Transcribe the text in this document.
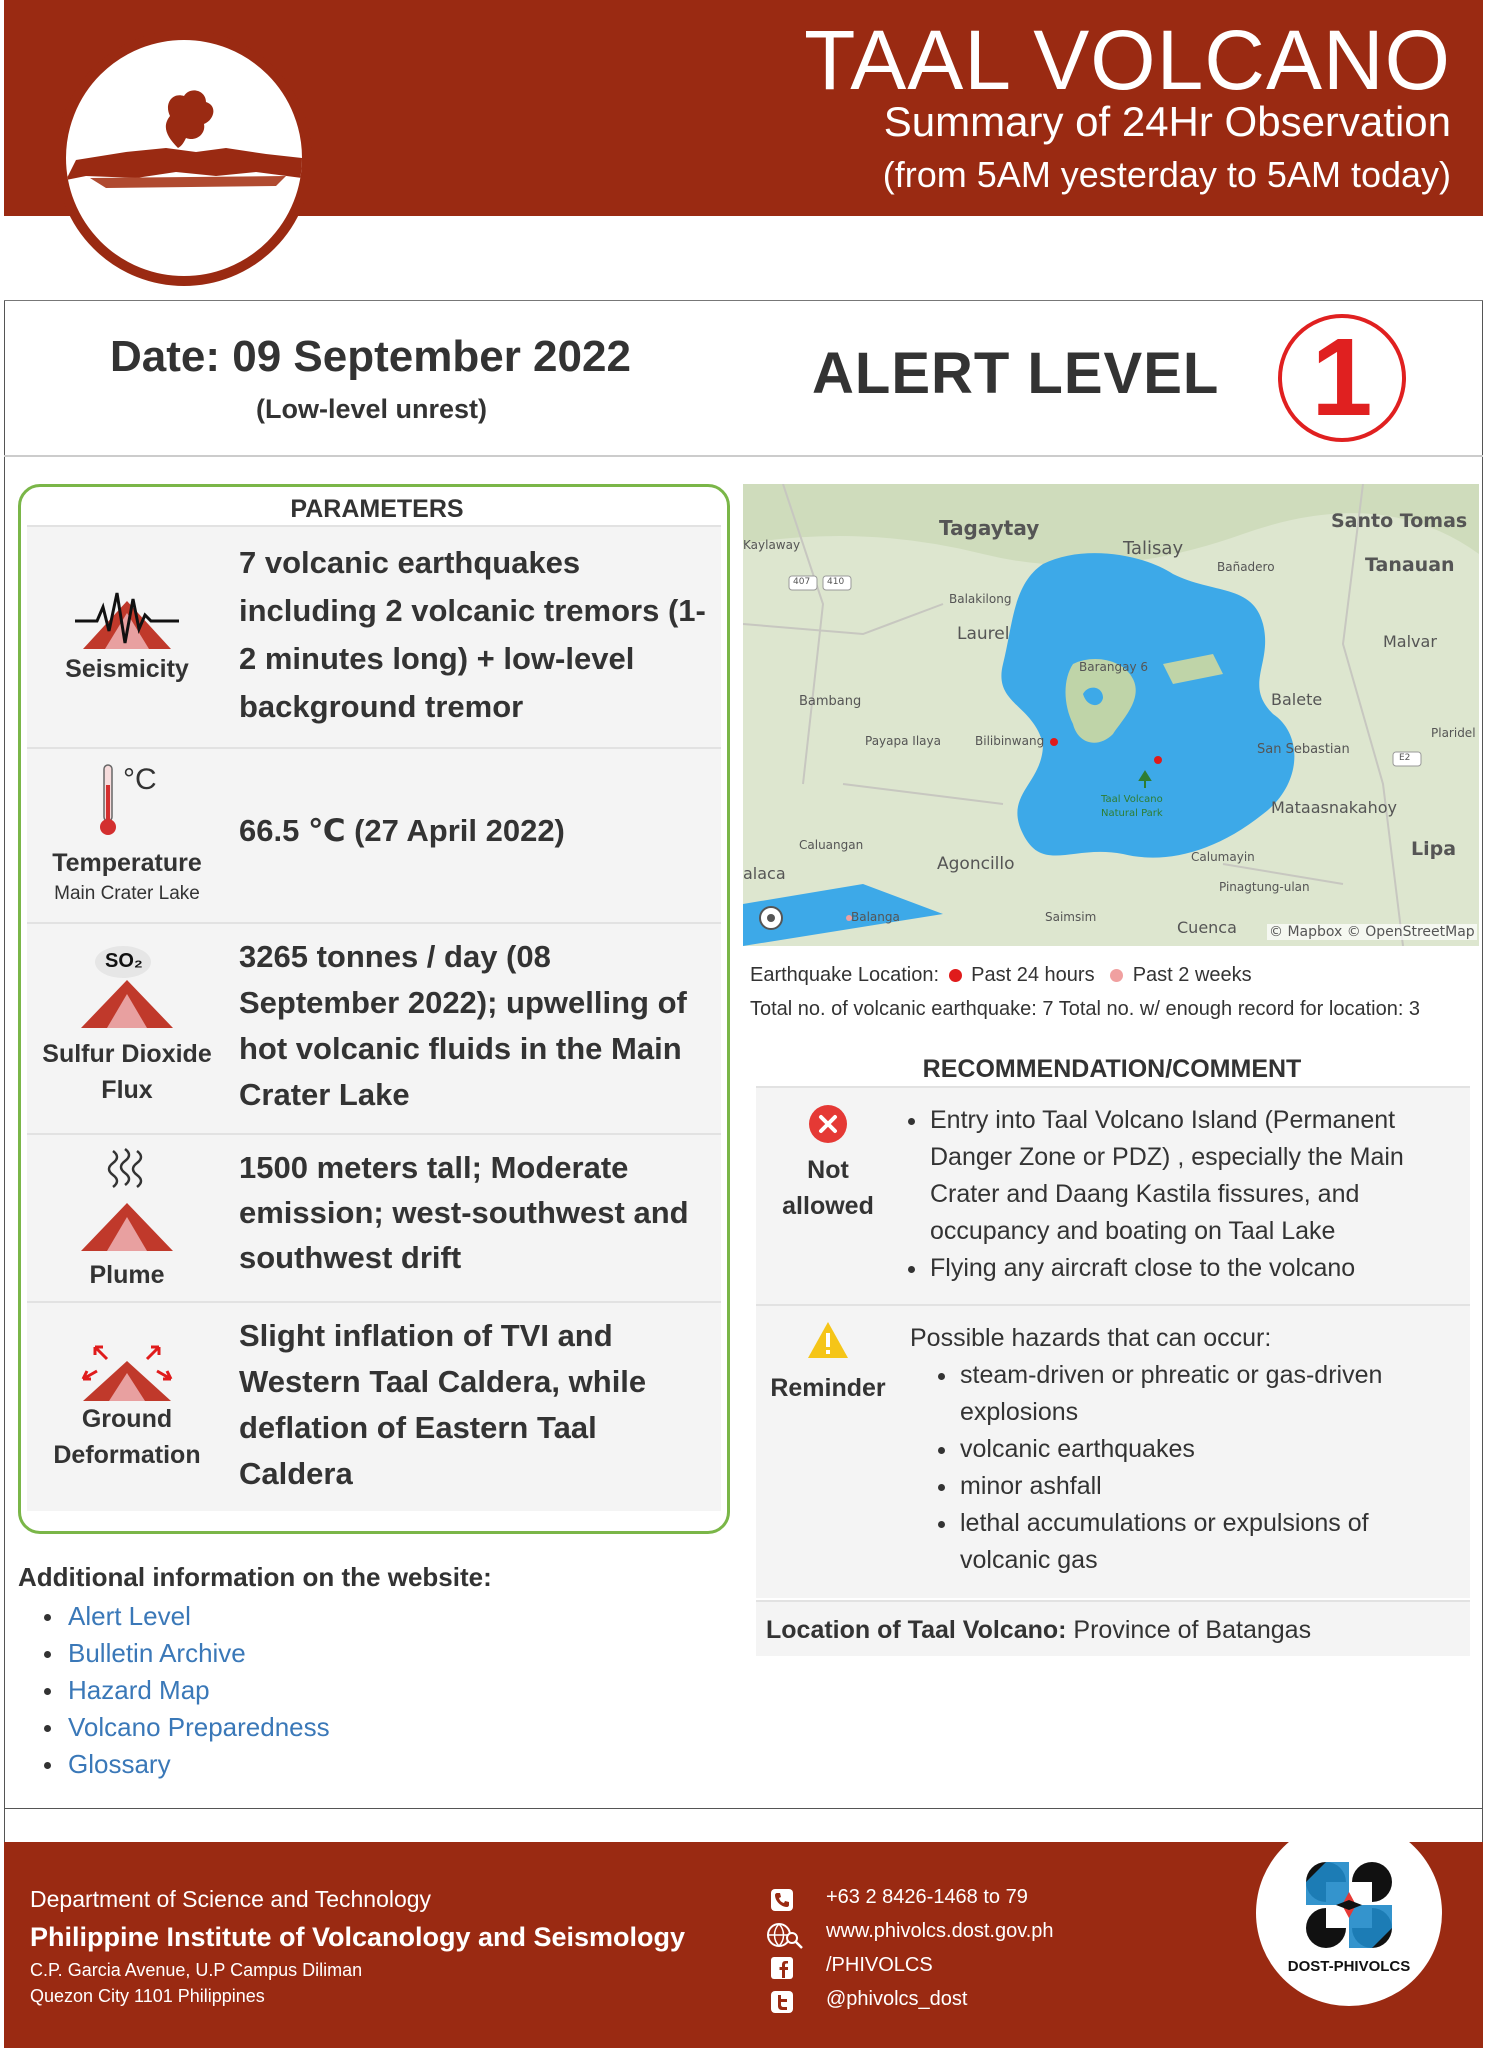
TAAL VOLCANO
Summary of 24Hr Observation
(from 5AM yesterday to 5AM today)
Date: 09 September 2022
(Low-level unrest)
ALERT LEVEL 1
PARAMETERS
Seismicity
7 volcanic earthquakes including 2 volcanic tremors (1-2 minutes long) + low-level background tremor
°C
Temperature
Main Crater Lake
66.5 ℃ (27 April 2022)
SO₂
Sulfur Dioxide Flux
3265 tonnes / day (08 September 2022); upwelling of hot volcanic fluids in the Main Crater Lake
Plume
1500 meters tall; Moderate emission; west-southwest and southwest drift
Ground Deformation
Slight inflation of TVI and Western Taal Caldera, while deflation of Eastern Taal Caldera
Additional information on the website:
Alert Level
Bulletin Archive
Hazard Map
Volcano Preparedness
Glossary
Tagaytay
Talisay
Santo Tomas
Tanauan
Kaylaway
Bañadero
Balakilong
Laurel	Malvar
Barangay 6
Balete
Bambang
Payapa Ilaya	Bilibinwang
San Sebastian
Plaridel
Taal Volcano
Natural Park	Mataasnakahoy
Caluangan	Lipa
Agoncillo	Calumayin
Pinagtung-ulan
alaca
Balanga	Saimsim
Cuenca © Mapbox © OpenStreetMap
407 410
E2
Earthquake Location: Past 24 hours Past 2 weeks
Total no. of volcanic earthquake: 7 Total no. w/ enough record for location: 3
RECOMMENDATION/COMMENT
Not
allowed
Entry into Taal Volcano Island (Permanent Danger Zone or PDZ) , especially the Main Crater and Daang Kastila fissures, and occupancy and boating on Taal Lake
Flying any aircraft close to the volcano
Reminder
Possible hazards that can occur:
steam-driven or phreatic or gas-driven explosions
volcanic earthquakes
minor ashfall
lethal accumulations or expulsions of volcanic gas
Location of Taal Volcano: Province of Batangas
Department of Science and Technology
Philippine Institute of Volcanology and Seismology
C.P. Garcia Avenue, U.P Campus Diliman
Quezon City 1101 Philippines
+63 2 8426-1468 to 79
www.phivolcs.dost.gov.ph
/PHIVOLCS
@phivolcs_dost
DOST-PHIVOLCS
